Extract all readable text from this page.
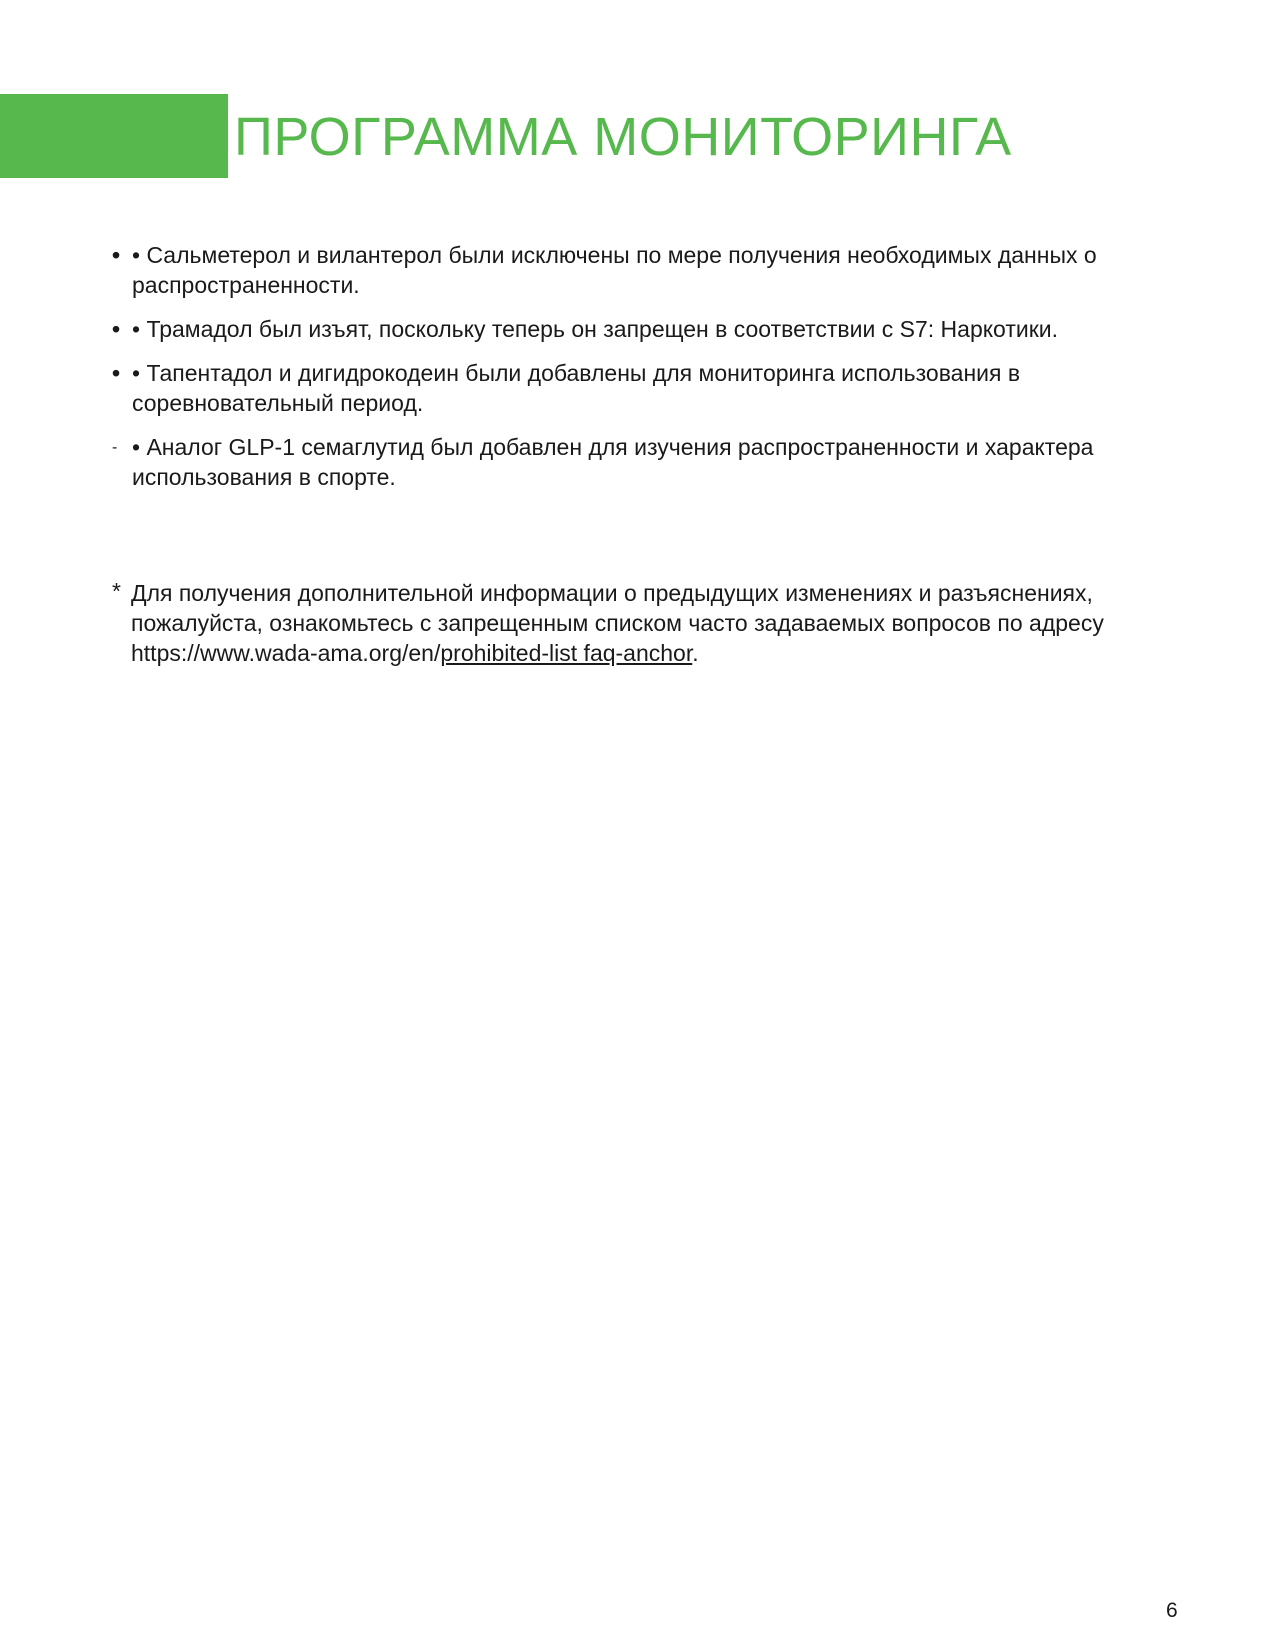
ПРОГРАММА МОНИТОРИНГА
• • Сальметерол и вилантерол были исключены по мере получения необходимых данных о распространенности.
• • Трамадол был изъят, поскольку теперь он запрещен в соответствии с S7: Наркотики.
• • Тапентадол и дигидрокодеин были добавлены для мониторинга использования в соревновательный период.
- • Аналог GLP-1 семаглутид был добавлен для изучения распространенности и характера использования в спорте.
* Для получения дополнительной информации о предыдущих изменениях и разъяснениях, пожалуйста, ознакомьтесь с запрещенным списком часто задаваемых вопросов по адресу https://www.wada-ama.org/en/prohibited-list faq-anchor.
6
